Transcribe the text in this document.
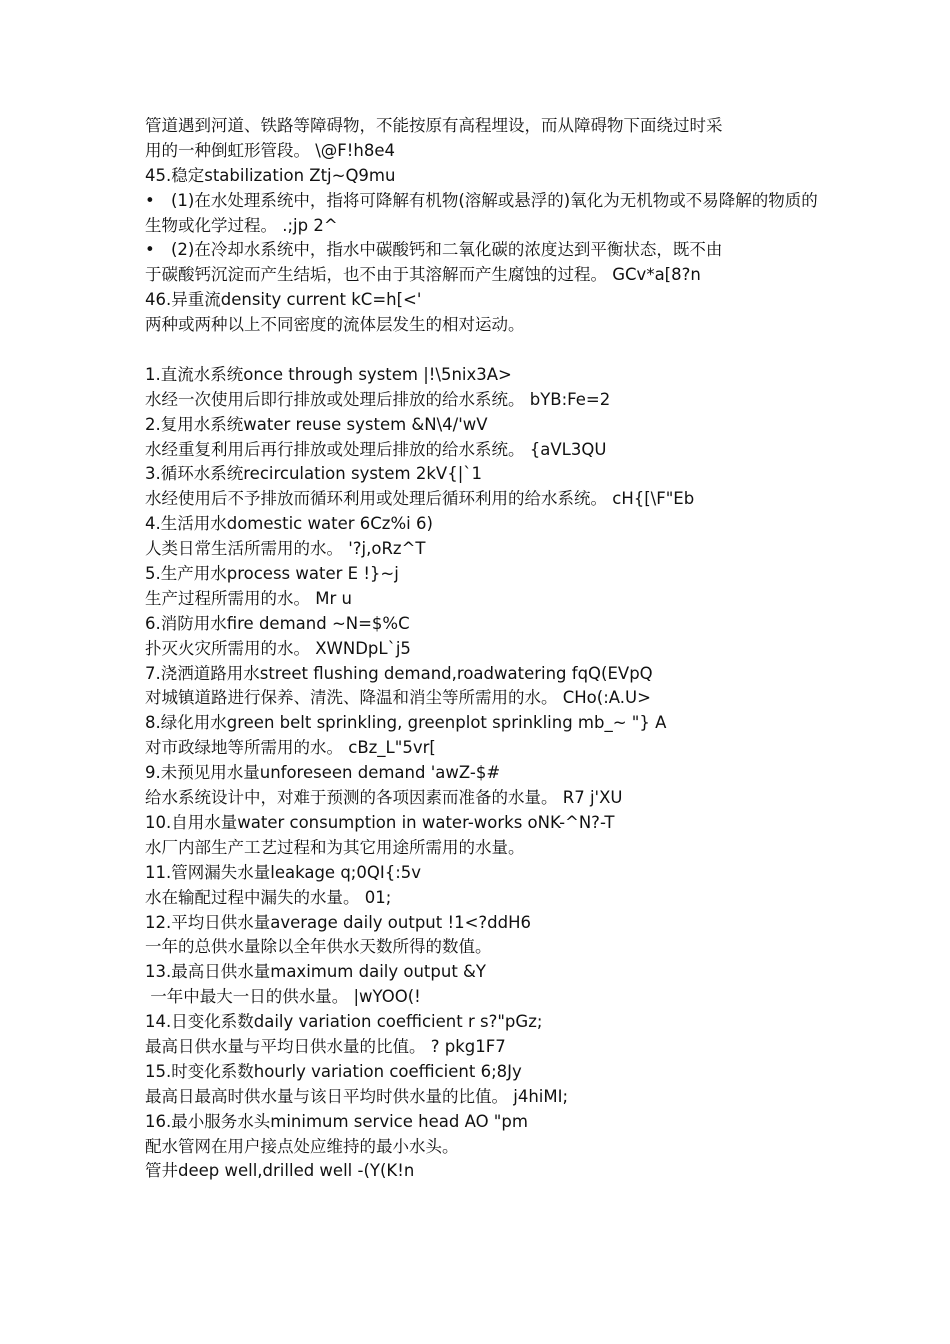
管道遇到河道、铁路等障碍物，不能按原有高程埋设，而从障碍物下面绕过时采
用的一种倒虹形管段。 \@F!h8e4
45.稳定stabilization Ztj~Q9mu
• (1)在水处理系统中，指将可降解有机物(溶解或悬浮的)氧化为无机物或不易降解的物质的
生物或化学过程。 .;jp 2^
• (2)在冷却水系统中，指水中碳酸钙和二氧化碳的浓度达到平衡状态，既不由
于碳酸钙沉淀而产生结垢，也不由于其溶解而产生腐蚀的过程。 GCv*a[8?n
46.异重流density current kC=h[<'
两种或两种以上不同密度的流体层发生的相对运动。
1.直流水系统once through system |!\5nix3A>
水经一次使用后即行排放或处理后排放的给水系统。 bYB:Fe=2
2.复用水系统water reuse system &N\4/'wV
水经重复利用后再行排放或处理后排放的给水系统。 {aVL3QU
3.循环水系统recirculation system 2kV{|`1
水经使用后不予排放而循环利用或处理后循环利用的给水系统。 cH{[\F"Eb
4.生活用水domestic water 6Cz%i 6)
人类日常生活所需用的水。 '?j,oRz^T
5.生产用水process water E !}~j
生产过程所需用的水。 Mr u
6.消防用水fire demand ~N=$%C
扑灭火灾所需用的水。 XWNDpL`j5
7.浇洒道路用水street flushing demand,roadwatering fqQ(EVpQ
对城镇道路进行保养、清洗、降温和消尘等所需用的水。 CHo(:A.U>
8.绿化用水green belt sprinkling, greenplot sprinkling mb_~ "} A
对市政绿地等所需用的水。 cBz_L"5vr[
9.未预见用水量unforeseen demand 'awZ-$#
给水系统设计中，对难于预测的各项因素而准备的水量。 R7 j'XU
10.自用水量water consumption in water-works oNK-^N?-T
水厂内部生产工艺过程和为其它用途所需用的水量。
11.管网漏失水量leakage q;0QI{:5v
水在输配过程中漏失的水量。 01;
12.平均日供水量average daily output !1<?ddH6
一年的总供水量除以全年供水天数所得的数值。
13.最高日供水量maximum daily output &Y
一年中最大一日的供水量。 |wYOO(!
14.日变化系数daily variation coefficient r s?"pGz;
最高日供水量与平均日供水量的比值。 ? pkg1F7
15.时变化系数hourly variation coefficient 6;8Jy
最高日最高时供水量与该日平均时供水量的比值。 j4hiMI;
16.最小服务水头minimum service head AO "pm
配水管网在用户接点处应维持的最小水头。
管井deep well,drilled well -(Y(K!n
